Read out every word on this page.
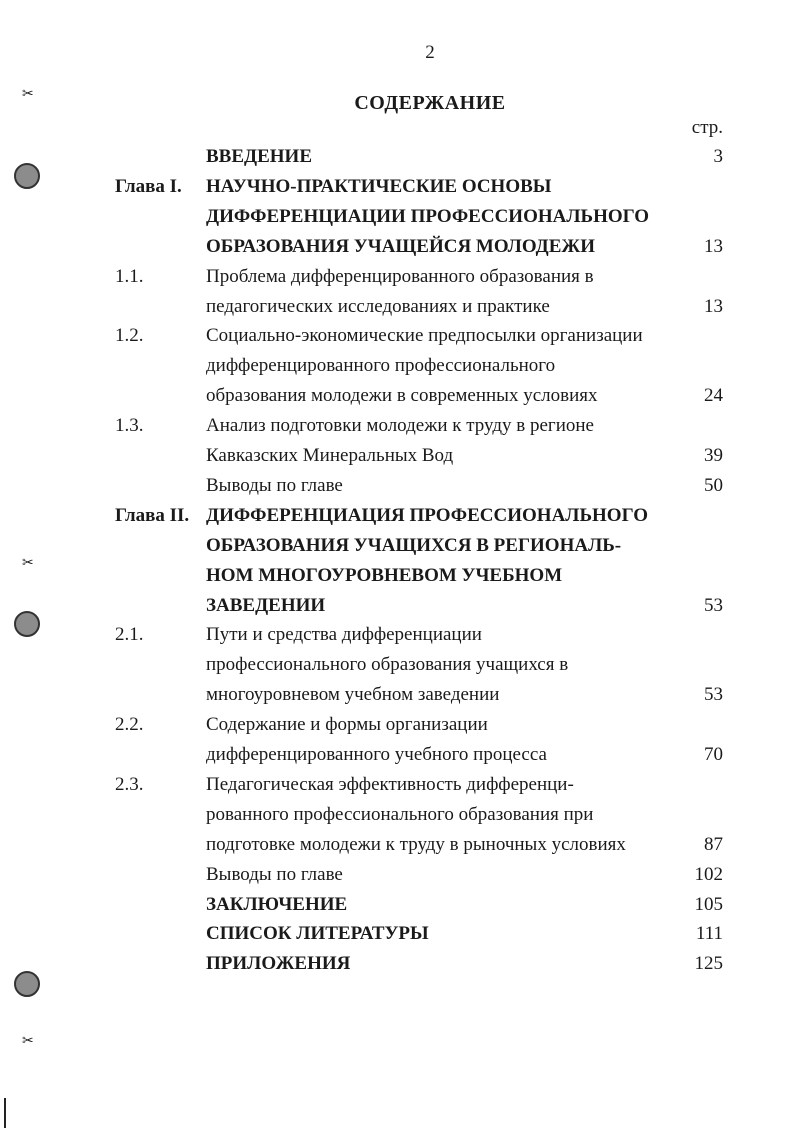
✂
✂
✂
2
СОДЕРЖАНИЕ
стр.
ВВЕДЕНИЕ	3
Глава I. НАУЧНО-ПРАКТИЧЕСКИЕ ОСНОВЫ
ДИФФЕРЕНЦИАЦИИ ПРОФЕССИОНАЛЬНОГО
ОБРАЗОВАНИЯ УЧАЩЕЙСЯ МОЛОДЕЖИ	13
1.1.	Проблема дифференцированного образования в
педагогических исследованиях и практике	13
1.2.	Социально-экономические предпосылки организации
дифференцированного профессионального
образования молодежи в современных условиях	24
1.3.	Анализ подготовки молодежи к труду в регионе
Кавказских Минеральных Вод	39
Выводы по главе	50
Глава II. ДИФФЕРЕНЦИАЦИЯ ПРОФЕССИОНАЛЬНОГО
ОБРАЗОВАНИЯ УЧАЩИХСЯ В РЕГИОНАЛЬ-
НОМ МНОГОУРОВНЕВОМ УЧЕБНОМ
ЗАВЕДЕНИИ	53
2.1.	Пути и средства дифференциации
профессионального образования учащихся в
многоуровневом учебном заведении	53
2.2.	Содержание и формы организации
дифференцированного учебного процесса	70
2.3.	Педагогическая эффективность дифференци-
рованного профессионального образования при
подготовке молодежи к труду в рыночных условиях	87
Выводы по главе	102
ЗАКЛЮЧЕНИЕ	105
СПИСОК ЛИТЕРАТУРЫ	111
ПРИЛОЖЕНИЯ	125
